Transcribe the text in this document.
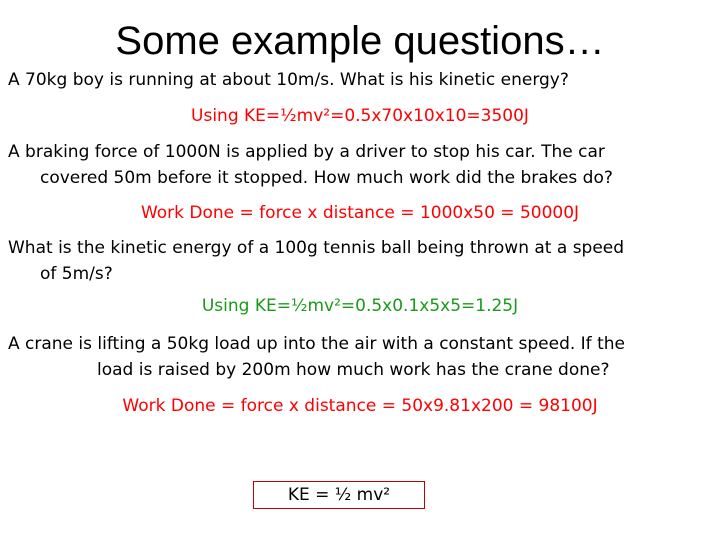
Some example questions…
A 70kg boy is running at about 10m/s. What is his kinetic energy?
Using KE=½mv²=0.5x70x10x10=3500J
A braking force of 1000N is applied by a driver to stop his car. The car
covered 50m before it stopped. How much work did the brakes do?
Work Done = force x distance = 1000x50 = 50000J
What is the kinetic energy of a 100g tennis ball being thrown at a speed
of 5m/s?
Using KE=½mv²=0.5x0.1x5x5=1.25J
A crane is lifting a 50kg load up into the air with a constant speed. If the
load is raised by 200m how much work has the crane done?
Work Done = force x distance = 50x9.81x200 = 98100J
KE = ½ mv²
